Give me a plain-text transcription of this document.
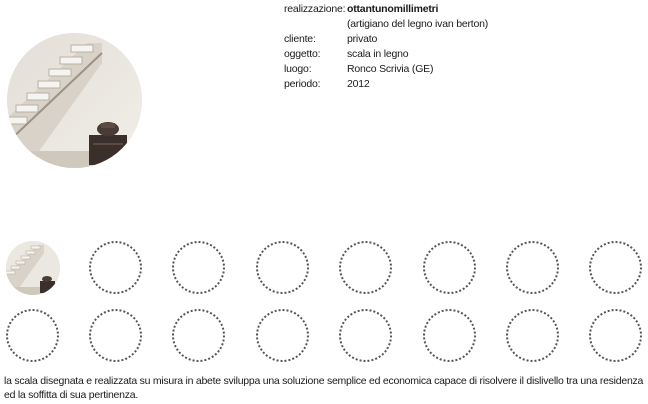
realizzazione: ottantunomillimetri
(artigiano del legno ivan berton)
cliente:	privato
oggetto:	scala in legno
luogo:	Ronco Scrivia (GE)
periodo:	2012
la scala disegnata e realizzata su misura in abete sviluppa una soluzione semplice ed economica capace di risolvere il dislivello tra una residenza ed la soffitta di sua pertinenza.
